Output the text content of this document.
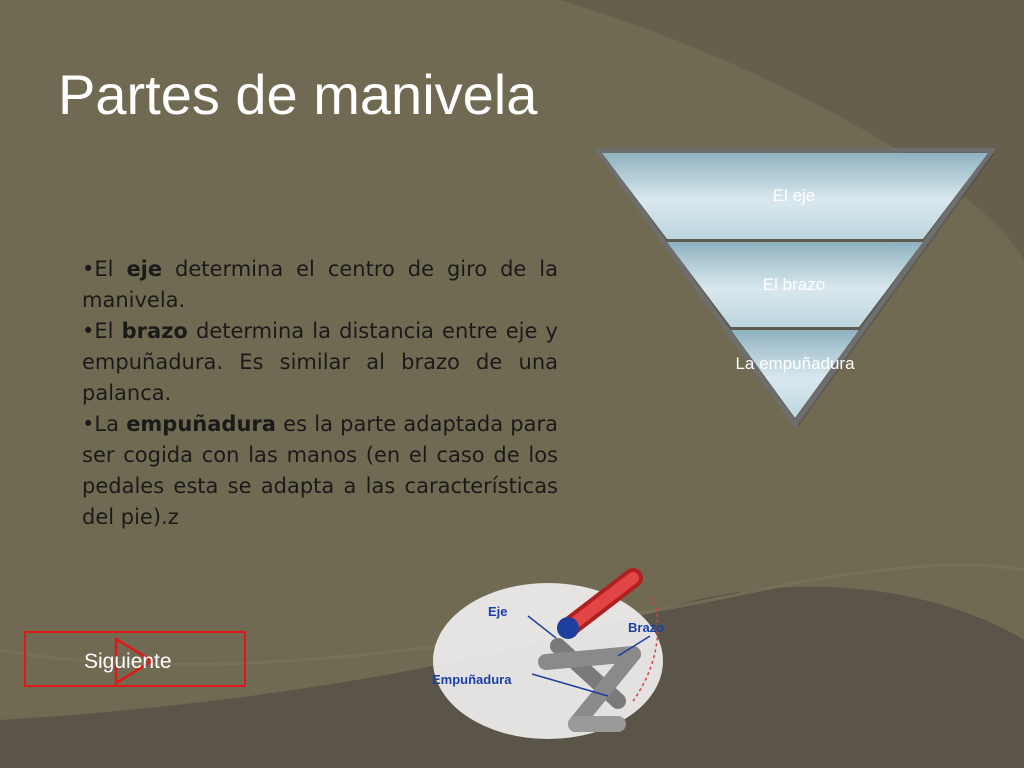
Partes de manivela

•El eje determina el centro de giro de la manivela.

•El brazo determina la distancia entre eje y empuñadura. Es similar al brazo de una palanca.

•La empuñadura es la parte adaptada para ser cogida con las manos (en el caso de los pedales esta se adapta a las características del pie).z

El eje
El brazo
La empuñadura
Eje
Brazo
Empuñadura
Siguiente
